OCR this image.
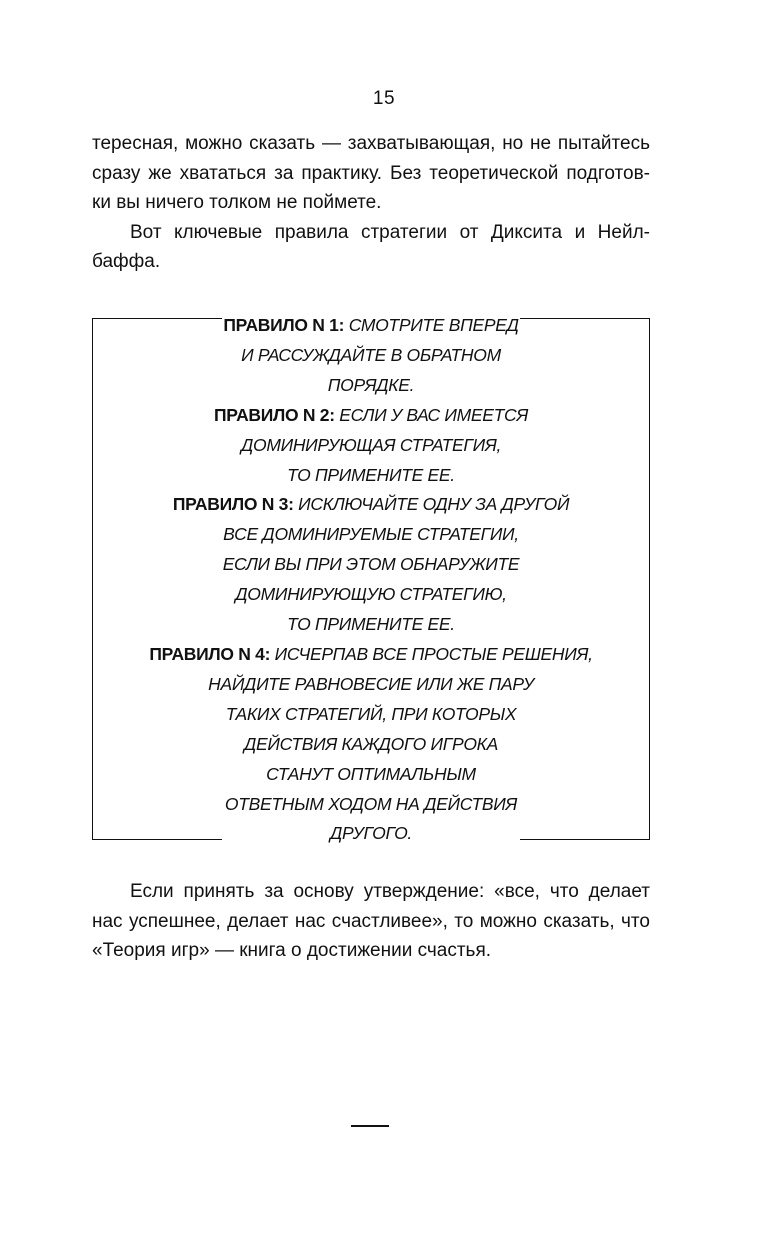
15

тересная, можно сказать — захватывающая, но не пытайтесь сразу же хвататься за практику. Без теоретической подготов- ки вы ничего толком не поймете.

Вот ключевые правила стратегии от Диксита и Нейл- баффа.

ПРАВИЛО N 1: СМОТРИТЕ ВПЕРЕД
И РАССУЖДАЙТЕ В ОБРАТНОМ
ПОРЯДКЕ.
ПРАВИЛО N 2: ЕСЛИ У ВАС ИМЕЕТСЯ
ДОМИНИРУЮЩАЯ СТРАТЕГИЯ,
ТО ПРИМЕНИТЕ ЕЕ.
ПРАВИЛО N 3: ИСКЛЮЧАЙТЕ ОДНУ ЗА ДРУГОЙ
ВСЕ ДОМИНИРУЕМЫЕ СТРАТЕГИИ,
ЕСЛИ ВЫ ПРИ ЭТОМ ОБНАРУЖИТЕ
ДОМИНИРУЮЩУЮ СТРАТЕГИЮ,
ТО ПРИМЕНИТЕ ЕЕ.
ПРАВИЛО N 4: ИСЧЕРПАВ ВСЕ ПРОСТЫЕ РЕШЕНИЯ,
НАЙДИТЕ РАВНОВЕСИЕ ИЛИ ЖЕ ПАРУ
ТАКИХ СТРАТЕГИЙ, ПРИ КОТОРЫХ
ДЕЙСТВИЯ КАЖДОГО ИГРОКА
СТАНУТ ОПТИМАЛЬНЫМ
ОТВЕТНЫМ ХОДОМ НА ДЕЙСТВИЯ
ДРУГОГО.

Если принять за основу утверждение: «все, что делает нас успешнее, делает нас счастливее», то можно сказать, что «Теория игр» — книга о достижении счастья.
